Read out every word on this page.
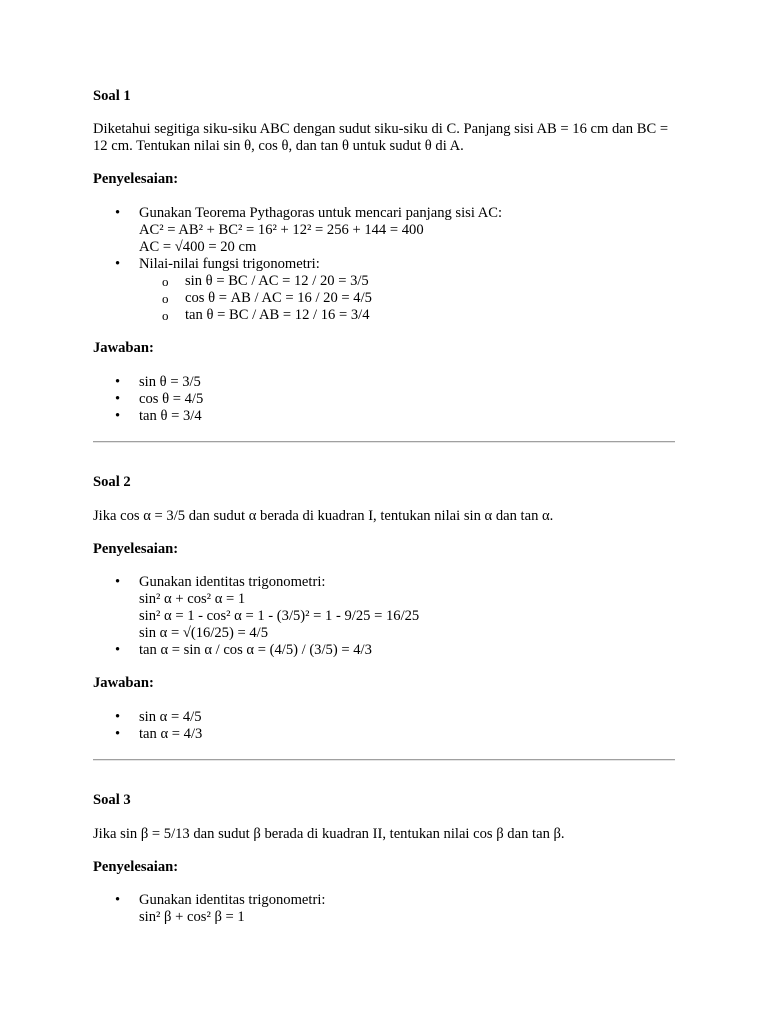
Soal 1

Diketahui segitiga siku-siku ABC dengan sudut siku-siku di C. Panjang sisi AB = 16 cm dan BC = 12 cm. Tentukan nilai sin θ, cos θ, dan tan θ untuk sudut θ di A.

Penyelesaian:

• Gunakan Teorema Pythagoras untuk mencari panjang sisi AC:
AC² = AB² + BC² = 16² + 12² = 256 + 144 = 400
AC = √400 = 20 cm
• Nilai-nilai fungsi trigonometri:
o sin θ = BC / AC = 12 / 20 = 3/5
o cos θ = AB / AC = 16 / 20 = 4/5
o tan θ = BC / AB = 12 / 16 = 3/4

Jawaban:

• sin θ = 3/5
• cos θ = 4/5
• tan θ = 3/4

Soal 2

Jika cos α = 3/5 dan sudut α berada di kuadran I, tentukan nilai sin α dan tan α.

Penyelesaian:

• Gunakan identitas trigonometri:
sin² α + cos² α = 1
sin² α = 1 - cos² α = 1 - (3/5)² = 1 - 9/25 = 16/25
sin α = √(16/25) = 4/5
• tan α = sin α / cos α = (4/5) / (3/5) = 4/3

Jawaban:

• sin α = 4/5
• tan α = 4/3

Soal 3

Jika sin β = 5/13 dan sudut β berada di kuadran II, tentukan nilai cos β dan tan β.

Penyelesaian:

• Gunakan identitas trigonometri:
sin² β + cos² β = 1
